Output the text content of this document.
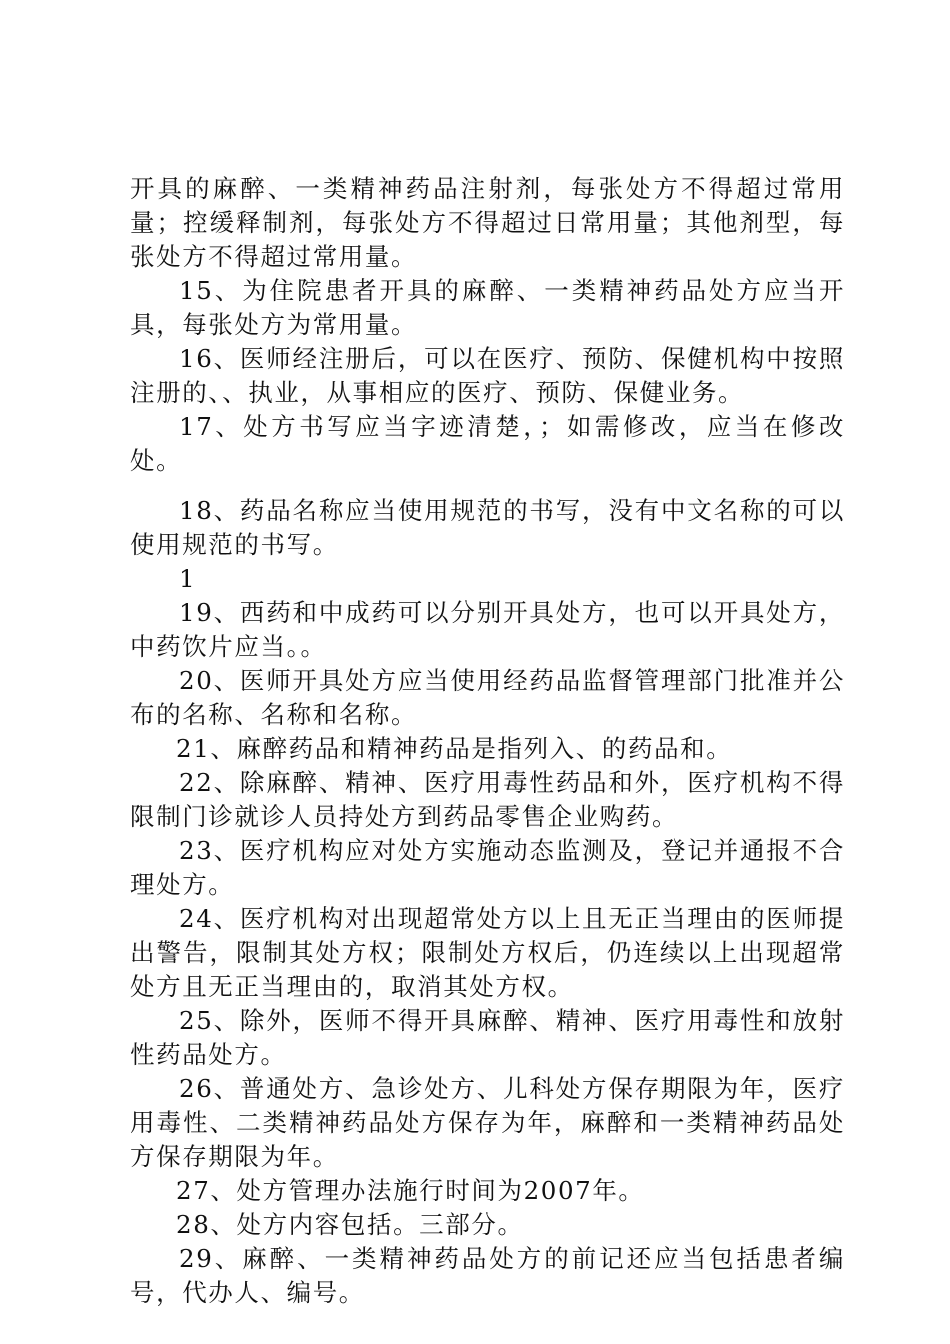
开具的麻醉、一类精神药品注射剂，每张处方不得超过常用量；控缓释制剂，每张处方不得超过日常用量；其他剂型，每张处方不得超过常用量。

15、为住院患者开具的麻醉、一类精神药品处方应当开具，每张处方为常用量。

16、医师经注册后，可以在医疗、预防、保健机构中按照注册的、、执业，从事相应的医疗、预防、保健业务。

17、处方书写应当字迹清楚，；如需修改，应当在修改处。

18、药品名称应当使用规范的书写，没有中文名称的可以使用规范的书写。

1

19、西药和中成药可以分别开具处方，也可以开具处方，中药饮片应当。。

20、医师开具处方应当使用经药品监督管理部门批准并公布的名称、名称和名称。

21、麻醉药品和精神药品是指列入、的药品和。

22、除麻醉、精神、医疗用毒性药品和外，医疗机构不得限制门诊就诊人员持处方到药品零售企业购药。

23、医疗机构应对处方实施动态监测及，登记并通报不合理处方。

24、医疗机构对出现超常处方以上且无正当理由的医师提出警告，限制其处方权；限制处方权后，仍连续以上出现超常处方且无正当理由的，取消其处方权。

25、除外，医师不得开具麻醉、精神、医疗用毒性和放射性药品处方。

26、普通处方、急诊处方、儿科处方保存期限为年，医疗用毒性、二类精神药品处方保存为年，麻醉和一类精神药品处方保存期限为年。

27、处方管理办法施行时间为2007年。

28、处方内容包括。三部分。

29、麻醉、一类精神药品处方的前记还应当包括患者编号，代办人、编号。
